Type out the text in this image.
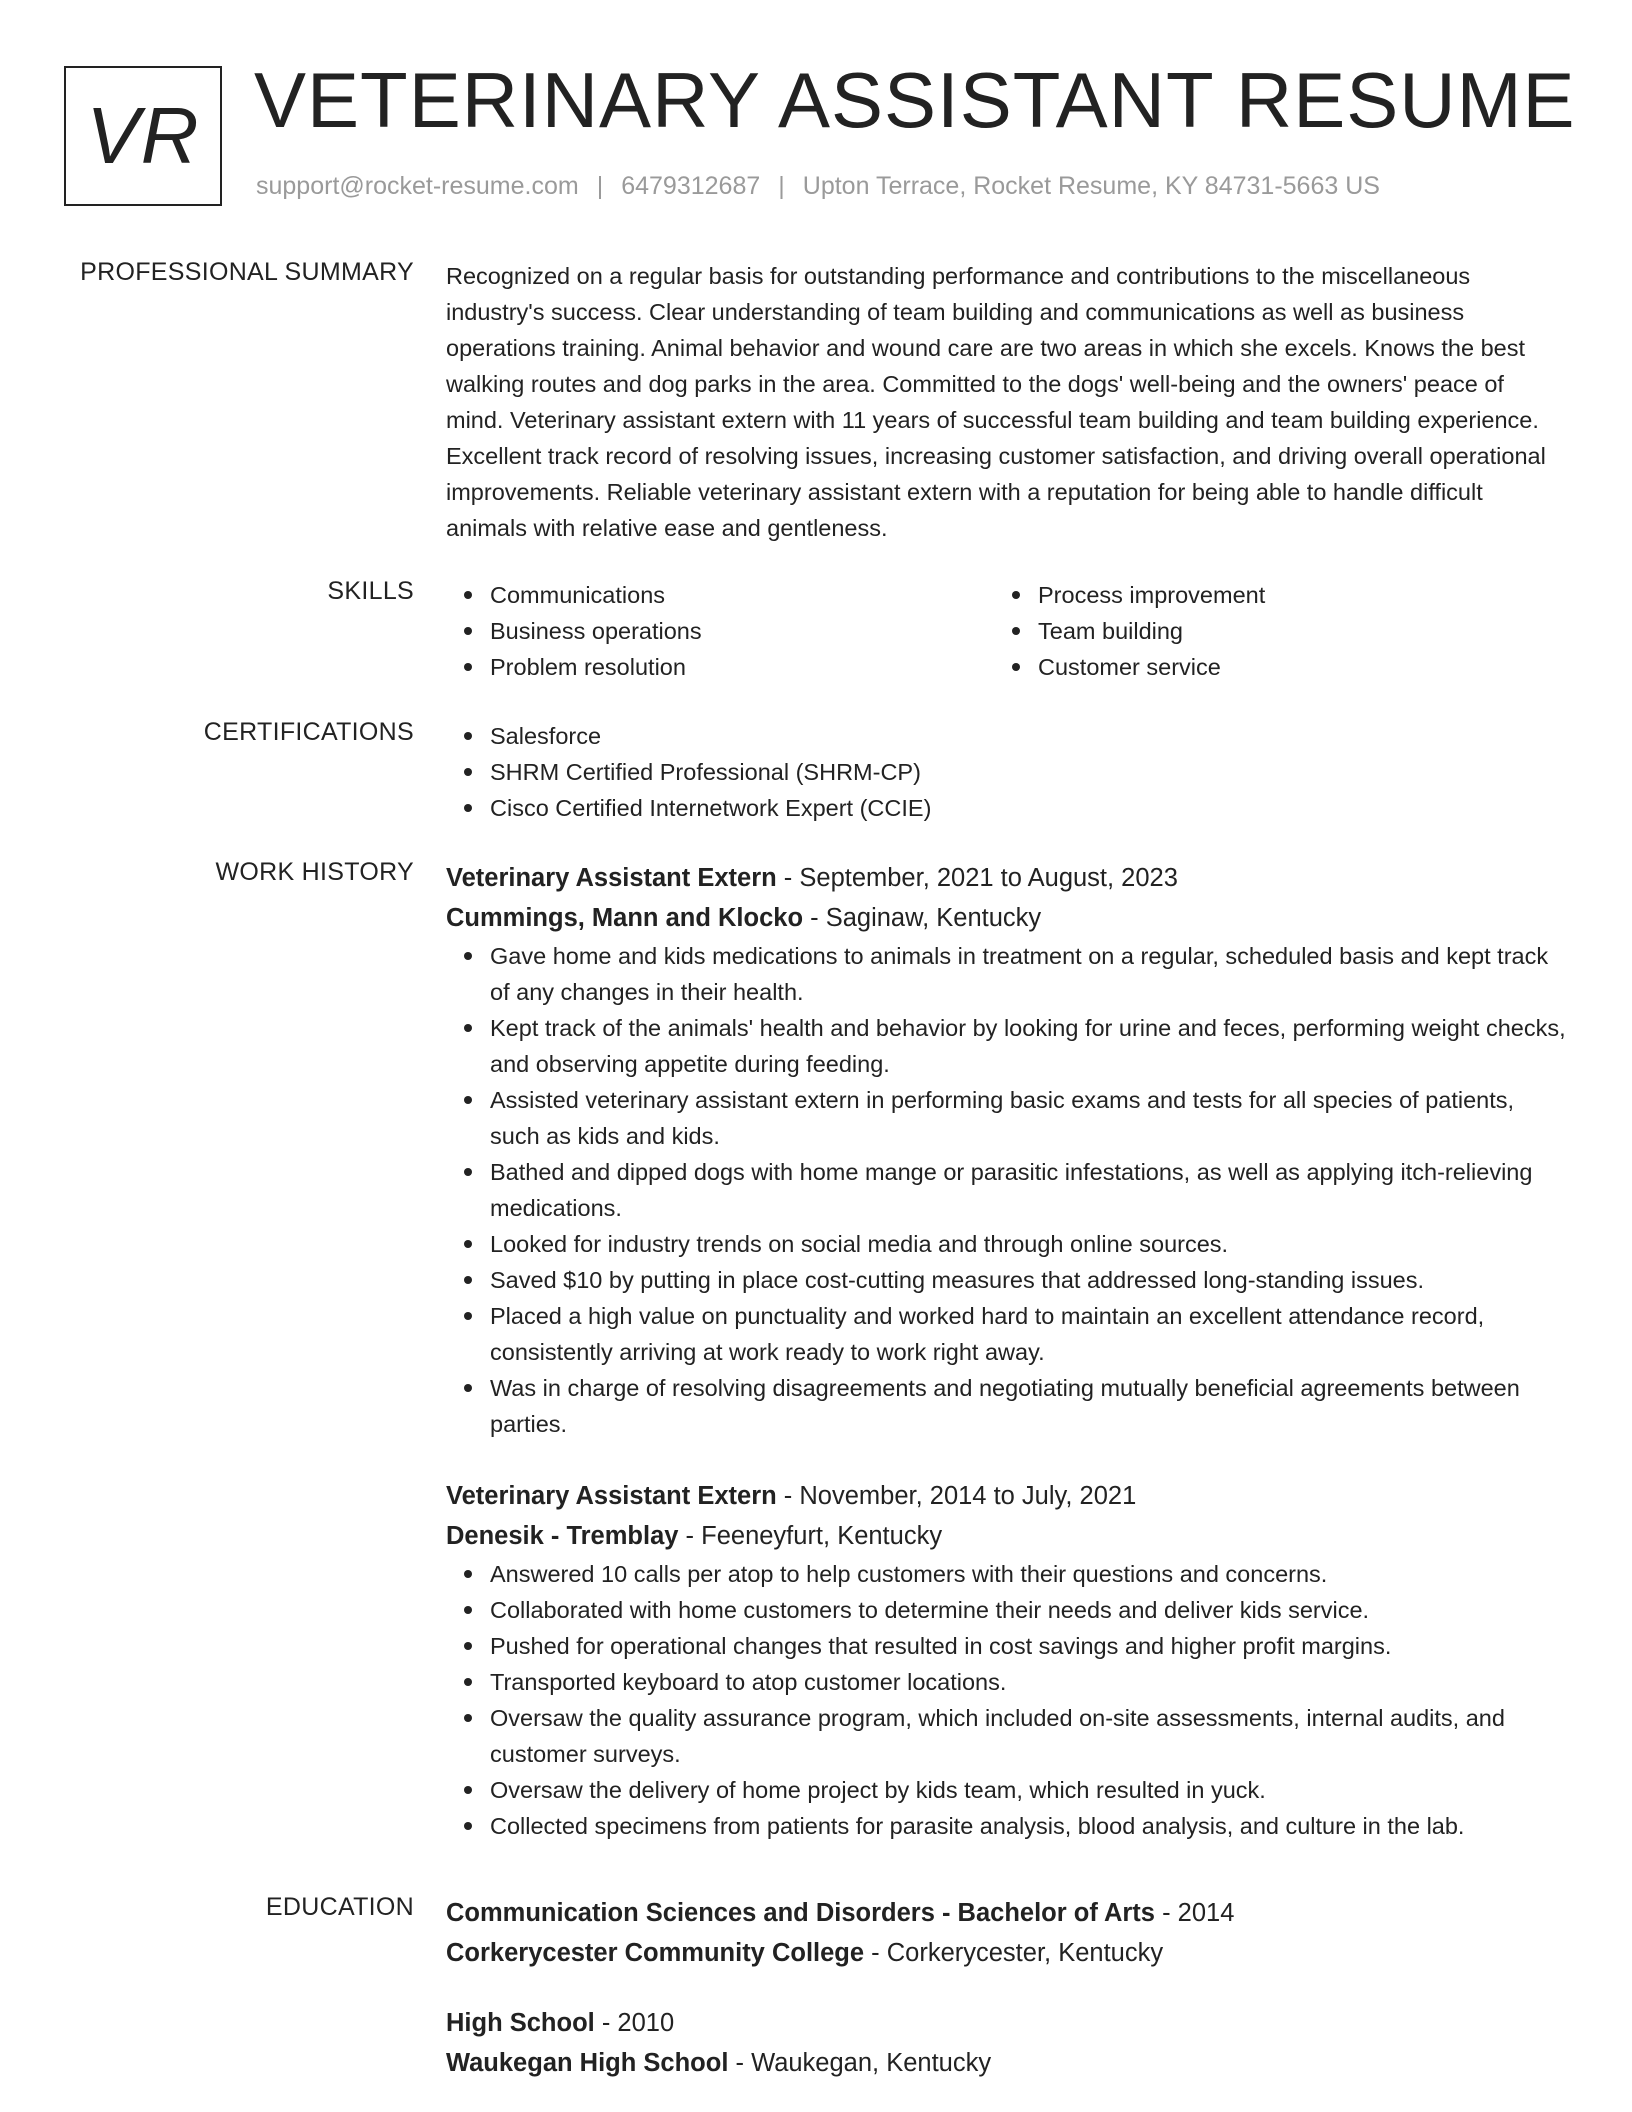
VR VETERINARY ASSISTANT RESUME
support@rocket-resume.com | 6479312687 | Upton Terrace, Rocket Resume, KY 84731-5663 US
PROFESSIONAL SUMMARY Recognized on a regular basis for outstanding performance and contributions to the miscellaneous industry's success. Clear understanding of team building and communications as well as business operations training. Animal behavior and wound care are two areas in which she excels. Knows the best walking routes and dog parks in the area. Committed to the dogs' well-being and the owners' peace of mind. Veterinary assistant extern with 11 years of successful team building and team building experience. Excellent track record of resolving issues, increasing customer satisfaction, and driving overall operational improvements. Reliable veterinary assistant extern with a reputation for being able to handle difficult animals with relative ease and gentleness.

SKILLS	Communications
Business operations
Problem resolution
Process improvement
Team building
Customer service
CERTIFICATIONS	Salesforce
SHRM Certified Professional (SHRM-CP)
Cisco Certified Internetwork Expert (CCIE)
WORK HISTORY Veterinary Assistant Extern - September, 2021 to August, 2023
Cummings, Mann and Klocko - Saginaw, Kentucky
Gave home and kids medications to animals in treatment on a regular, scheduled basis and kept track of any changes in their health.
Kept track of the animals' health and behavior by looking for urine and feces, performing weight checks, and observing appetite during feeding.
Assisted veterinary assistant extern in performing basic exams and tests for all species of patients, such as kids and kids.
Bathed and dipped dogs with home mange or parasitic infestations, as well as applying itch-relieving medications.
Looked for industry trends on social media and through online sources.
Saved $10 by putting in place cost-cutting measures that addressed long-standing issues.
Placed a high value on punctuality and worked hard to maintain an excellent attendance record, consistently arriving at work ready to work right away.
Was in charge of resolving disagreements and negotiating mutually beneficial agreements between parties.
Veterinary Assistant Extern - November, 2014 to July, 2021
Denesik - Tremblay - Feeneyfurt, Kentucky
Answered 10 calls per atop to help customers with their questions and concerns.
Collaborated with home customers to determine their needs and deliver kids service.
Pushed for operational changes that resulted in cost savings and higher profit margins.
Transported keyboard to atop customer locations.
Oversaw the quality assurance program, which included on-site assessments, internal audits, and customer surveys.
Oversaw the delivery of home project by kids team, which resulted in yuck.
Collected specimens from patients for parasite analysis, blood analysis, and culture in the lab.
EDUCATION Communication Sciences and Disorders - Bachelor of Arts - 2014
Corkerycester Community College - Corkerycester, Kentucky
High School - 2010
Waukegan High School - Waukegan, Kentucky
